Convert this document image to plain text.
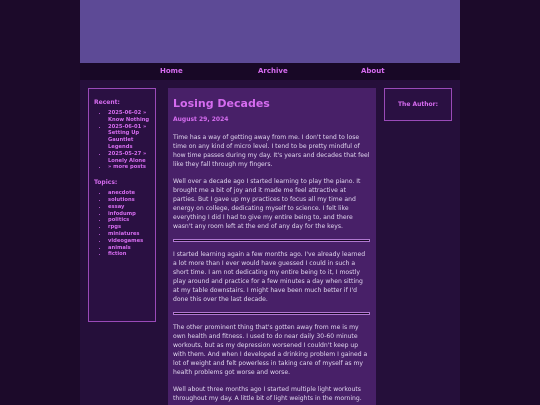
Home	Archive	About

Recent:

• 2025-06-02 » Know Nothing
• 2025-06-01 » Setting Up Gauntlet Legends
• 2025-05-27 » Lonely Alone
• » more posts

Topics:

• anecdote
• solutions
• essay
• infodump
• politics
• rpgs
• miniatures
• videogames
• animals
• fiction
Losing Decades

August 29, 2024

Time has a way of getting away from me. I don't tend to lose time on any kind of micro level. I tend to be pretty mindful of how time passes during my day. It's years and decades that feel like they fall through my fingers.

Well over a decade ago I started learning to play the piano. It brought me a bit of joy and it made me feel attractive at parties. But I gave up my practices to focus all my time and energy on college, dedicating myself to science. I felt like everything I did I had to give my entire being to, and there wasn't any room left at the end of any day for the keys.

I started learning again a few months ago. I've already learned a lot more than I ever would have guessed I could in such a short time. I am not dedicating my entire being to it, I mostly play around and practice for a few minutes a day when sitting at my table downstairs. I might have been much better if I'd done this over the last decade.

The other prominent thing that's gotten away from me is my own health and fitness. I used to do near daily 30-60 minute workouts, but as my depression worsened I couldn't keep up with them. And when I developed a drinking problem I gained a lot of weight and felt powerless in taking care of myself as my health problems got worse and worse.

Well about three months ago I started multiple light workouts throughout my day. A little bit of light weights in the morning.

The Author:
